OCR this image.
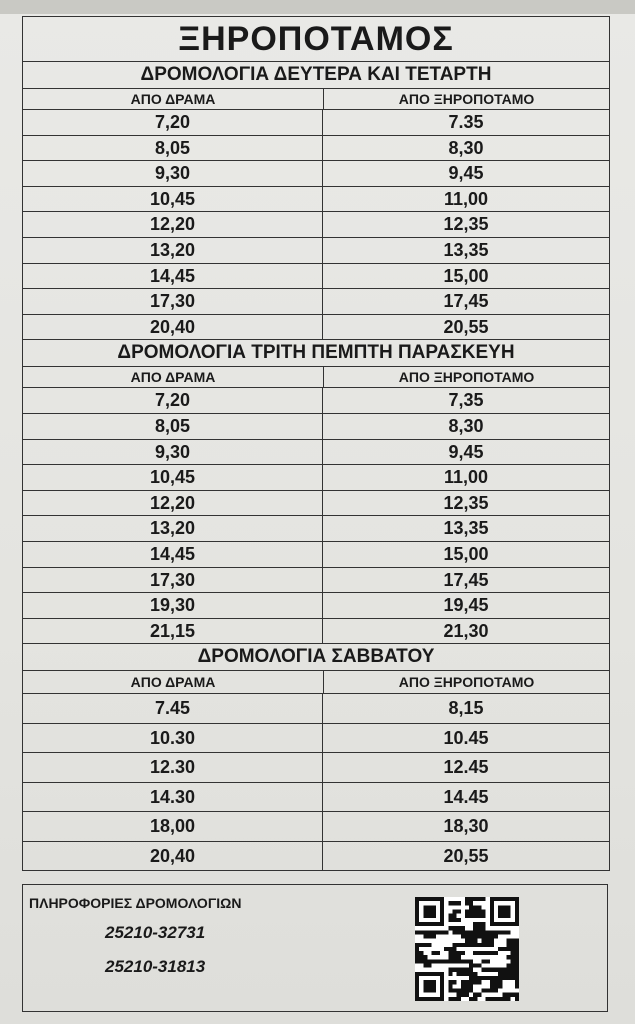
ΞΗΡΟΠΟΤΑΜΟΣ
ΔΡΟΜΟΛΟΓΙΑ ΔΕΥΤΕΡΑ ΚΑΙ ΤΕΤΑΡΤΗ
ΑΠΟ ΔΡΑΜΑ	ΑΠΟ ΞΗΡΟΠΟΤΑΜΟ
7,20	7.35
8,05	8,30
9,30	9,45
10,45	11,00
12,20	12,35
13,20	13,35
14,45	15,00
17,30	17,45
20,40	20,55
ΔΡΟΜΟΛΟΓΙΑ ΤΡΙΤΗ ΠΕΜΠΤΗ ΠΑΡΑΣΚΕΥΗ
ΑΠΟ ΔΡΑΜΑ	ΑΠΟ ΞΗΡΟΠΟΤΑΜΟ
7,20	7,35
8,05	8,30
9,30	9,45
10,45	11,00
12,20	12,35
13,20	13,35
14,45	15,00
17,30	17,45
19,30	19,45
21,15	21,30
ΔΡΟΜΟΛΟΓΙΑ ΣΑΒΒΑΤΟΥ
ΑΠΟ ΔΡΑΜΑ	ΑΠΟ ΞΗΡΟΠΟΤΑΜΟ
7.45	8,15
10.30	10.45
12.30	12.45
14.30	14.45
18,00	18,30
20,40	20,55
ΠΛΗΡΟΦΟΡΙΕΣ ΔΡΟΜΟΛΟΓΙΩΝ
25210-32731
25210-31813
